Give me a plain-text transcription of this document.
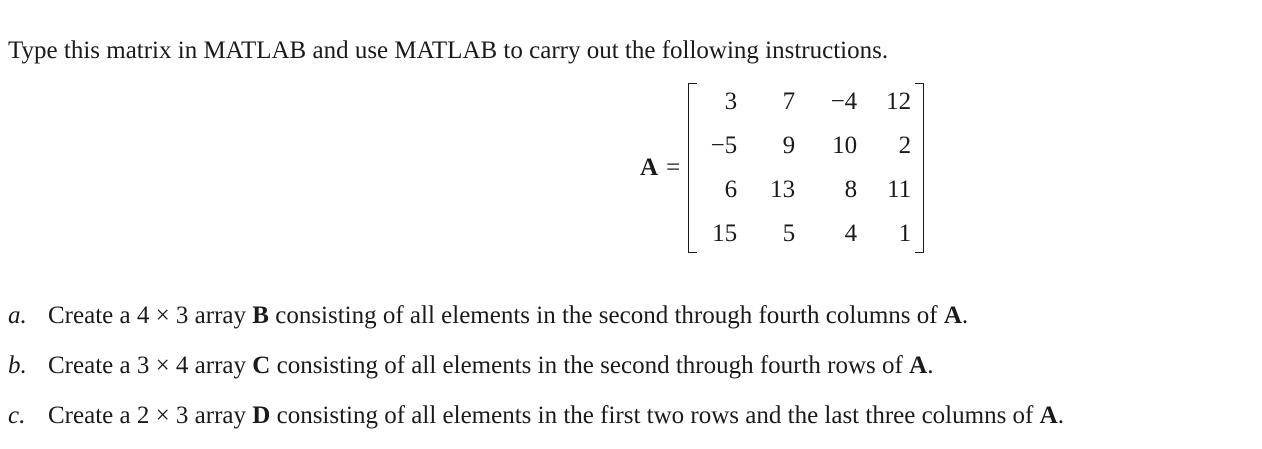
Type this matrix in MATLAB and use MATLAB to carry out the following instructions.

A =
3	7	−4	12
−5	9	10	2
6	13	8	11
15	5	4	1
a. Create a 4 × 3 array B consisting of all elements in the second through fourth columns of A.
b. Create a 3 × 4 array C consisting of all elements in the second through fourth rows of A.
c. Create a 2 × 3 array D consisting of all elements in the first two rows and the last three columns of A.
